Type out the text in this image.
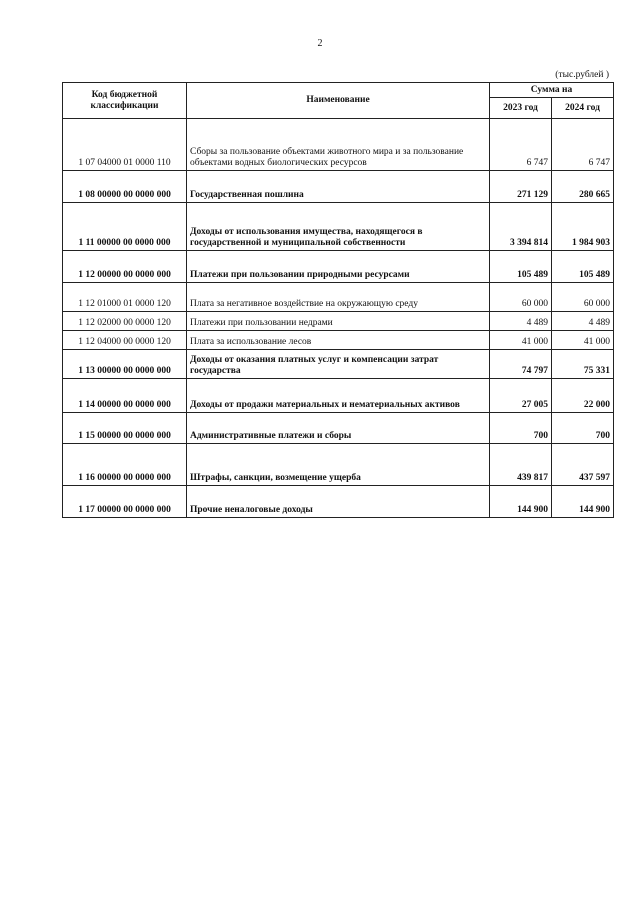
2
(тыс.рублей )
Код бюджетной классификации	Наименование	Сумма на	
		2023 год	2024 год
1 07 04000 01 0000 110	Сборы за пользование объектами животного мира и за пользование объектами водных биологических ресурсов	6 747	6 747
1 08 00000 00 0000 000	Государственная пошлина	271 129	280 665
1 11 00000 00 0000 000	Доходы от использования имущества, находящегося в государственной и муниципальной собственности	3 394 814	1 984 903
1 12 00000 00 0000 000	Платежи при пользовании природными ресурсами	105 489	105 489
1 12 01000 01 0000 120	Плата за негативное воздействие на окружающую среду	60 000	60 000
1 12 02000 00 0000 120	Платежи при пользовании недрами	4 489	4 489
1 12 04000 00 0000 120	Плата за использование лесов	41 000	41 000
1 13 00000 00 0000 000	Доходы от оказания платных услуг и компенсации затрат государства	74 797	75 331
1 14 00000 00 0000 000	Доходы от продажи материальных и нематериальных активов	27 005	22 000
1 15 00000 00 0000 000	Административные платежи и сборы	700	700
1 16 00000 00 0000 000	Штрафы, санкции, возмещение ущерба	439 817	437 597
1 17 00000 00 0000 000	Прочие неналоговые доходы	144 900	144 900
